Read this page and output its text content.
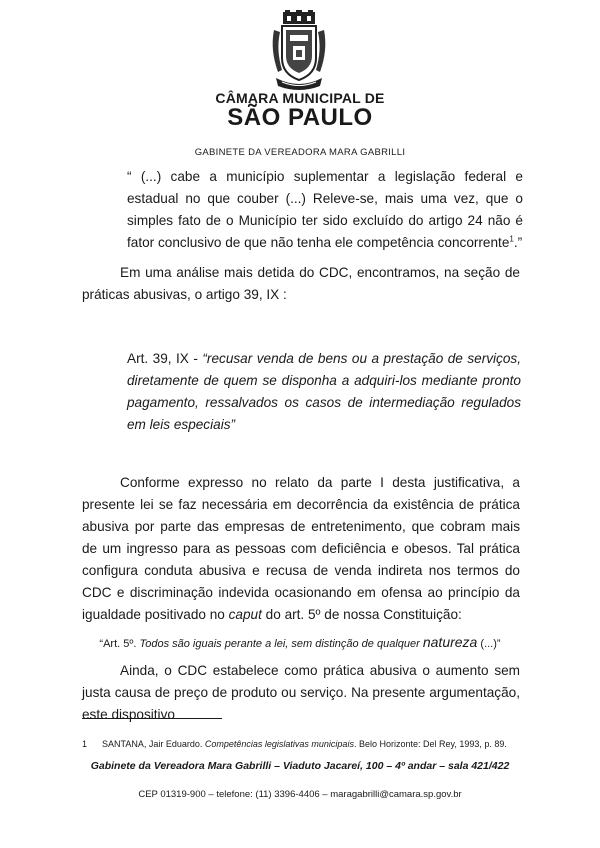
CÂMARA MUNICIPAL DE
SÃO PAULO
GABINETE DA VEREADORA MARA GABRILLI
“ (...) cabe a município suplementar a legislação federal e estadual no que couber (...) Releve-se, mais uma vez, que o simples fato de o Município ter sido excluído do artigo 24 não é fator conclusivo de que não tenha ele competência concorrente$^1$.”
Em uma análise mais detida do CDC, encontramos, na seção de práticas abusivas, o artigo 39, IX :
Art. 39, IX - “recusar venda de bens ou a prestação de serviços, diretamente de quem se disponha a adquiri-los mediante pronto pagamento, ressalvados os casos de intermediação regulados em leis especiais”
Conforme expresso no relato da parte I desta justificativa, a presente lei se faz necessária em decorrência da existência de prática abusiva por parte das empresas de entretenimento, que cobram mais de um ingresso para as pessoas com deficiência e obesos. Tal prática configura conduta abusiva e recusa de venda indireta nos termos do CDC e discriminação indevida ocasionando em ofensa ao princípio da igualdade positivado no caput do art. 5º de nossa Constituição:
“Art. 5º. Todos são iguais perante a lei, sem distinção de qualquer natureza (...)”
Ainda, o CDC estabelece como prática abusiva o aumento sem justa causa de preço de produto ou serviço. Na presente argumentação, este dispositivo
1 SANTANA, Jair Eduardo. Competências legislativas municipais. Belo Horizonte: Del Rey, 1993, p. 89.
Gabinete da Vereadora Mara Gabrilli – Viaduto Jacareí, 100 – 4º andar – sala 421/422
CEP 01319-900 – telefone: (11) 3396-4406 – maragabrilli@camara.sp.gov.br
